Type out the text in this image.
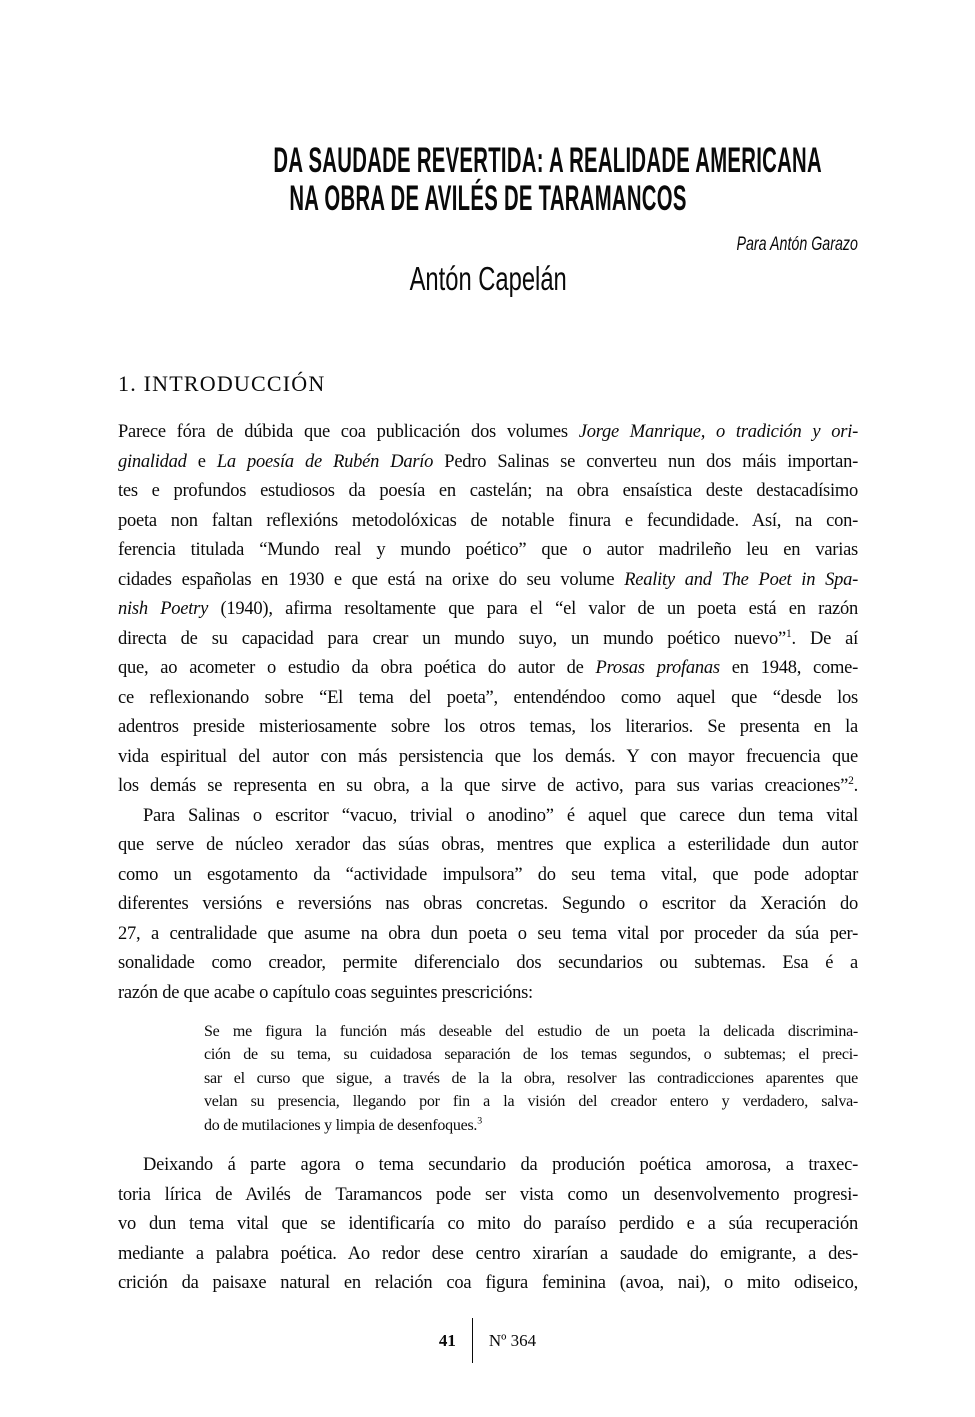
DA SAUDADE REVERTIDA: A REALIDADE AMERICANA
NA OBRA DE AVILÉS DE TARAMANCOS
Para Antón Garazo
Antón Capelán
1. INTRODUCCIÓN
Parece fóra de dúbida que coa publicación dos volumes Jorge Manrique, o tradición y ori-
ginalidad e La poesía de Rubén Darío Pedro Salinas se converteu nun dos máis importan-
tes e profundos estudiosos da poesía en castelán; na obra ensaística deste destacadísimo
poeta non faltan reflexións metodolóxicas de notable finura e fecundidade. Así, na con-
ferencia titulada “Mundo real y mundo poético” que o autor madrileño leu en varias
cidades españolas en 1930 e que está na orixe do seu volume Reality and The Poet in Spa-
nish Poetry (1940), afirma resoltamente que para el “el valor de un poeta está en razón
directa de su capacidad para crear un mundo suyo, un mundo poético nuevo”$^1$. De aí
que, ao acometer o estudio da obra poética do autor de Prosas profanas en 1948, come-
ce reflexionando sobre “El tema del poeta”, entendéndoo como aquel que “desde los
adentros preside misteriosamente sobre los otros temas, los literarios. Se presenta en la
vida espiritual del autor con más persistencia que los demás. Y con mayor frecuencia que
los demás se representa en su obra, a la que sirve de activo, para sus varias creaciones”$^2$.
Para Salinas o escritor “vacuo, trivial o anodino” é aquel que carece dun tema vital
que serve de núcleo xerador das súas obras, mentres que explica a esterilidade dun autor
como un esgotamento da “actividade impulsora” do seu tema vital, que pode adoptar
diferentes versións e reversións nas obras concretas. Segundo o escritor da Xeración do
27, a centralidade que asume na obra dun poeta o seu tema vital por proceder da súa per-
sonalidade como creador, permite diferencialo dos secundarios ou subtemas. Esa é a
razón de que acabe o capítulo coas seguintes prescricións:
Se me figura la función más deseable del estudio de un poeta la delicada discrimina-
ción de su tema, su cuidadosa separación de los temas segundos, o subtemas; el preci-
sar el curso que sigue, a través de la la obra, resolver las contradicciones aparentes que
velan su presencia, llegando por fin a la visión del creador entero y verdadero, salva-
do de mutilaciones y limpia de desenfoques.$^3$
Deixando á parte agora o tema secundario da produción poética amorosa, a traxec-
toria lírica de Avilés de Taramancos pode ser vista como un desenvolvemento progresi-
vo dun tema vital que se identificaría co mito do paraíso perdido e a súa recuperación
mediante a palabra poética. Ao redor dese centro xirarían a saudade do emigrante, a des-
crición da paisaxe natural en relación coa figura feminina (avoa, nai), o mito odiseico,
41 Nº 364
